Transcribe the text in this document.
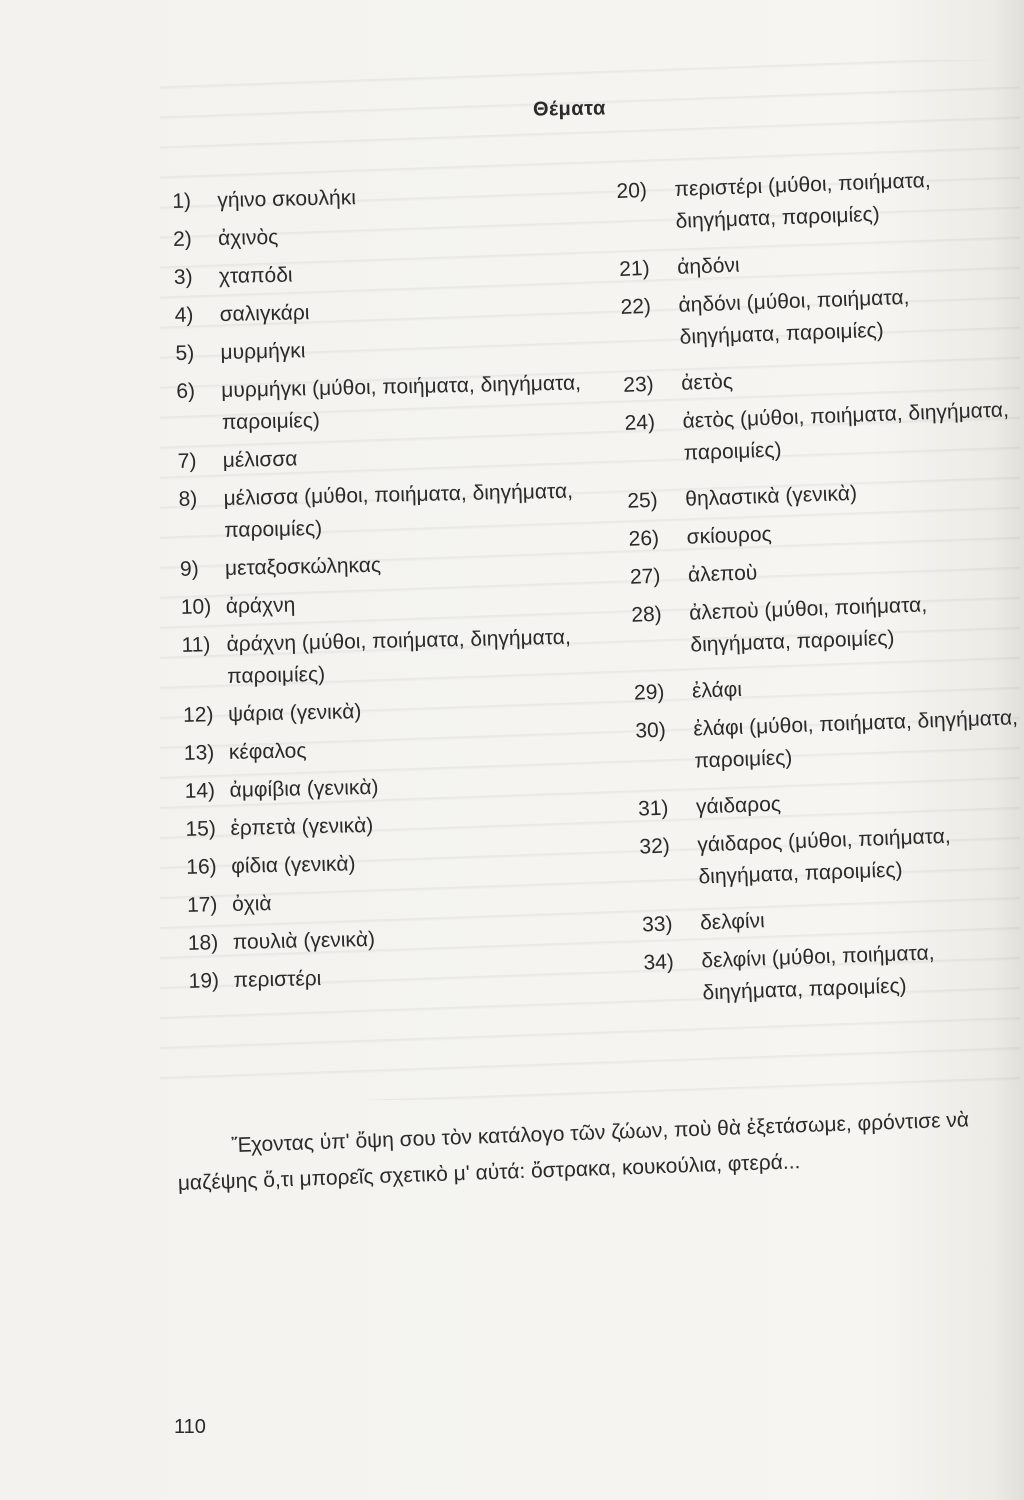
Θέματα
1)	γήινο σκουλήκι
2)	ἀχινὸς
3)	χταπόδι
4)	σαλιγκάρι
5)	μυρμήγκι
6)	μυρμήγκι (μύθοι, ποιήματα, διηγήματα, παροιμίες)
7)	μέλισσα
8)	μέλισσα (μύθοι, ποιήματα, διηγήματα, παροιμίες)
9)	μεταξοσκώληκας
10) ἀράχνη
11) ἀράχνη (μύθοι, ποιήματα, διηγήματα, παροιμίες)
12) ψάρια (γενικὰ)
13) κέφαλος
14) ἀμφίβια (γενικὰ)
15) ἑρπετὰ (γενικὰ)
16) φίδια (γενικὰ)
17) ὀχιὰ
18) πουλιὰ (γενικὰ)
19) περιστέρι
20)	περιστέρι (μύθοι, ποιήματα, διηγήματα, παροιμίες)
21)	ἀηδόνι
22)	ἀηδόνι (μύθοι, ποιήματα, διηγήματα, παροιμίες)
23)	ἀετὸς
24)	ἀετὸς (μύθοι, ποιήματα, διηγήματα, παροιμίες)
25)	θηλαστικὰ (γενικὰ)
26)	σκίουρος
27)	ἀλεποὺ
28)	ἀλεποὺ (μύθοι, ποιήματα, διηγήματα, παροιμίες)
29)	ἐλάφι
30)	ἐλάφι (μύθοι, ποιήματα, διηγήματα, παροιμίες)
31)	γάιδαρος
32)	γάιδαρος (μύθοι, ποιήματα, διηγήματα, παροιμίες)
33)	δελφίνι
34)	δελφίνι (μύθοι, ποιήματα, διηγήματα, παροιμίες)

Ἔχοντας ὑπ' ὄψη σου τὸν κατάλογο τῶν ζώων, ποὺ θὰ ἐξετάσωμε, φρόντισε νὰ μαζέψης ὅ,τι μπορεῖς σχετικὸ μ' αὐτά: ὄστρακα, κουκούλια, φτερά...

110
